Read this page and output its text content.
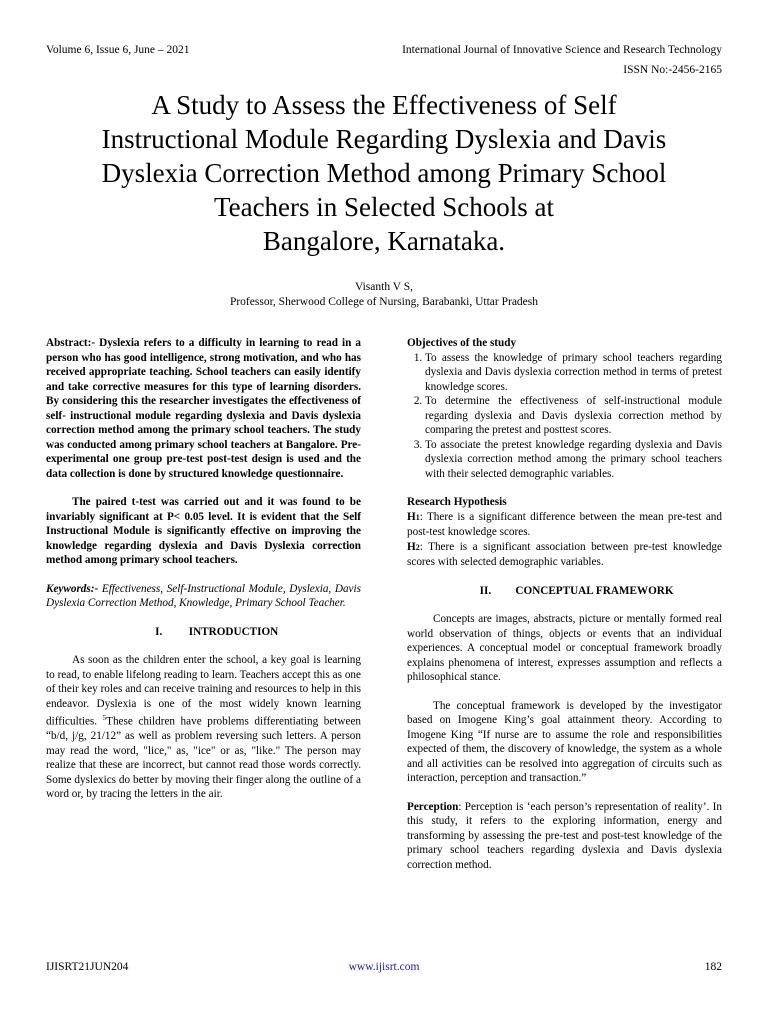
Volume 6, Issue 6, June – 2021	International Journal of Innovative Science and Research Technology
ISSN No:-2456-2165
A Study to Assess the Effectiveness of Self
Instructional Module Regarding Dyslexia and Davis
Dyslexia Correction Method among Primary School
Teachers in Selected Schools at
Bangalore, Karnataka.
Visanth V S,
Professor, Sherwood College of Nursing, Barabanki, Uttar Pradesh

Abstract:- Dyslexia refers to a difficulty in learning to read in a person who has good intelligence, strong motivation, and who has received appropriate teaching. School teachers can easily identify and take corrective measures for this type of learning disorders. By considering this the researcher investigates the effectiveness of self- instructional module regarding dyslexia and Davis dyslexia correction method among the primary school teachers. The study was conducted among primary school teachers at Bangalore. Pre-experimental one group pre-test post-test design is used and the data collection is done by structured knowledge questionnaire.

The paired t-test was carried out and it was found to be invariably significant at P< 0.05 level. It is evident that the Self Instructional Module is significantly effective on improving the knowledge regarding dyslexia and Davis Dyslexia correction method among primary school teachers.

Keywords:- Effectiveness, Self-Instructional Module, Dyslexia, Davis Dyslexia Correction Method, Knowledge, Primary School Teacher.

I. INTRODUCTION

As soon as the children enter the school, a key goal is learning to read, to enable lifelong reading to learn. Teachers accept this as one of their key roles and can receive training and resources to help in this endeavor. Dyslexia is one of the most widely known learning difficulties. $^5$These children have problems differentiating between “b/d, j/g, 21/12” as well as problem reversing such letters. A person may read the word, "lice," as, "ice" or as, "like." The person may realize that these are incorrect, but cannot read those words correctly. Some dyslexics do better by moving their finger along the outline of a word or, by tracing the letters in the air.

Objectives of the study
1. To assess the knowledge of primary school teachers regarding dyslexia and Davis dyslexia correction method in terms of pretest knowledge scores.
2. To determine the effectiveness of self-instructional module regarding dyslexia and Davis dyslexia correction method by comparing the pretest and posttest scores.
3. To associate the pretest knowledge regarding dyslexia and Davis dyslexia correction method among the primary school teachers with their selected demographic variables.
Research Hypothesis
H1: There is a significant difference between the mean pre-test and post-test knowledge scores.

H2: There is a significant association between pre-test knowledge scores with selected demographic variables.

II. CONCEPTUAL FRAMEWORK

Concepts are images, abstracts, picture or mentally formed real world observation of things, objects or events that an individual experiences. A conceptual model or conceptual framework broadly explains phenomena of interest, expresses assumption and reflects a philosophical stance.

The conceptual framework is developed by the investigator based on Imogene King’s goal attainment theory. According to Imogene King “If nurse are to assume the role and responsibilities expected of them, the discovery of knowledge, the system as a whole and all activities can be resolved into aggregation of circuits such as interaction, perception and transaction.”

Perception: Perception is ‘each person’s representation of reality’. In this study, it refers to the exploring information, energy and transforming by assessing the pre-test and post-test knowledge of the primary school teachers regarding dyslexia and Davis dyslexia correction method.

IJISRT21JUN204	www.ijisrt.com	182
